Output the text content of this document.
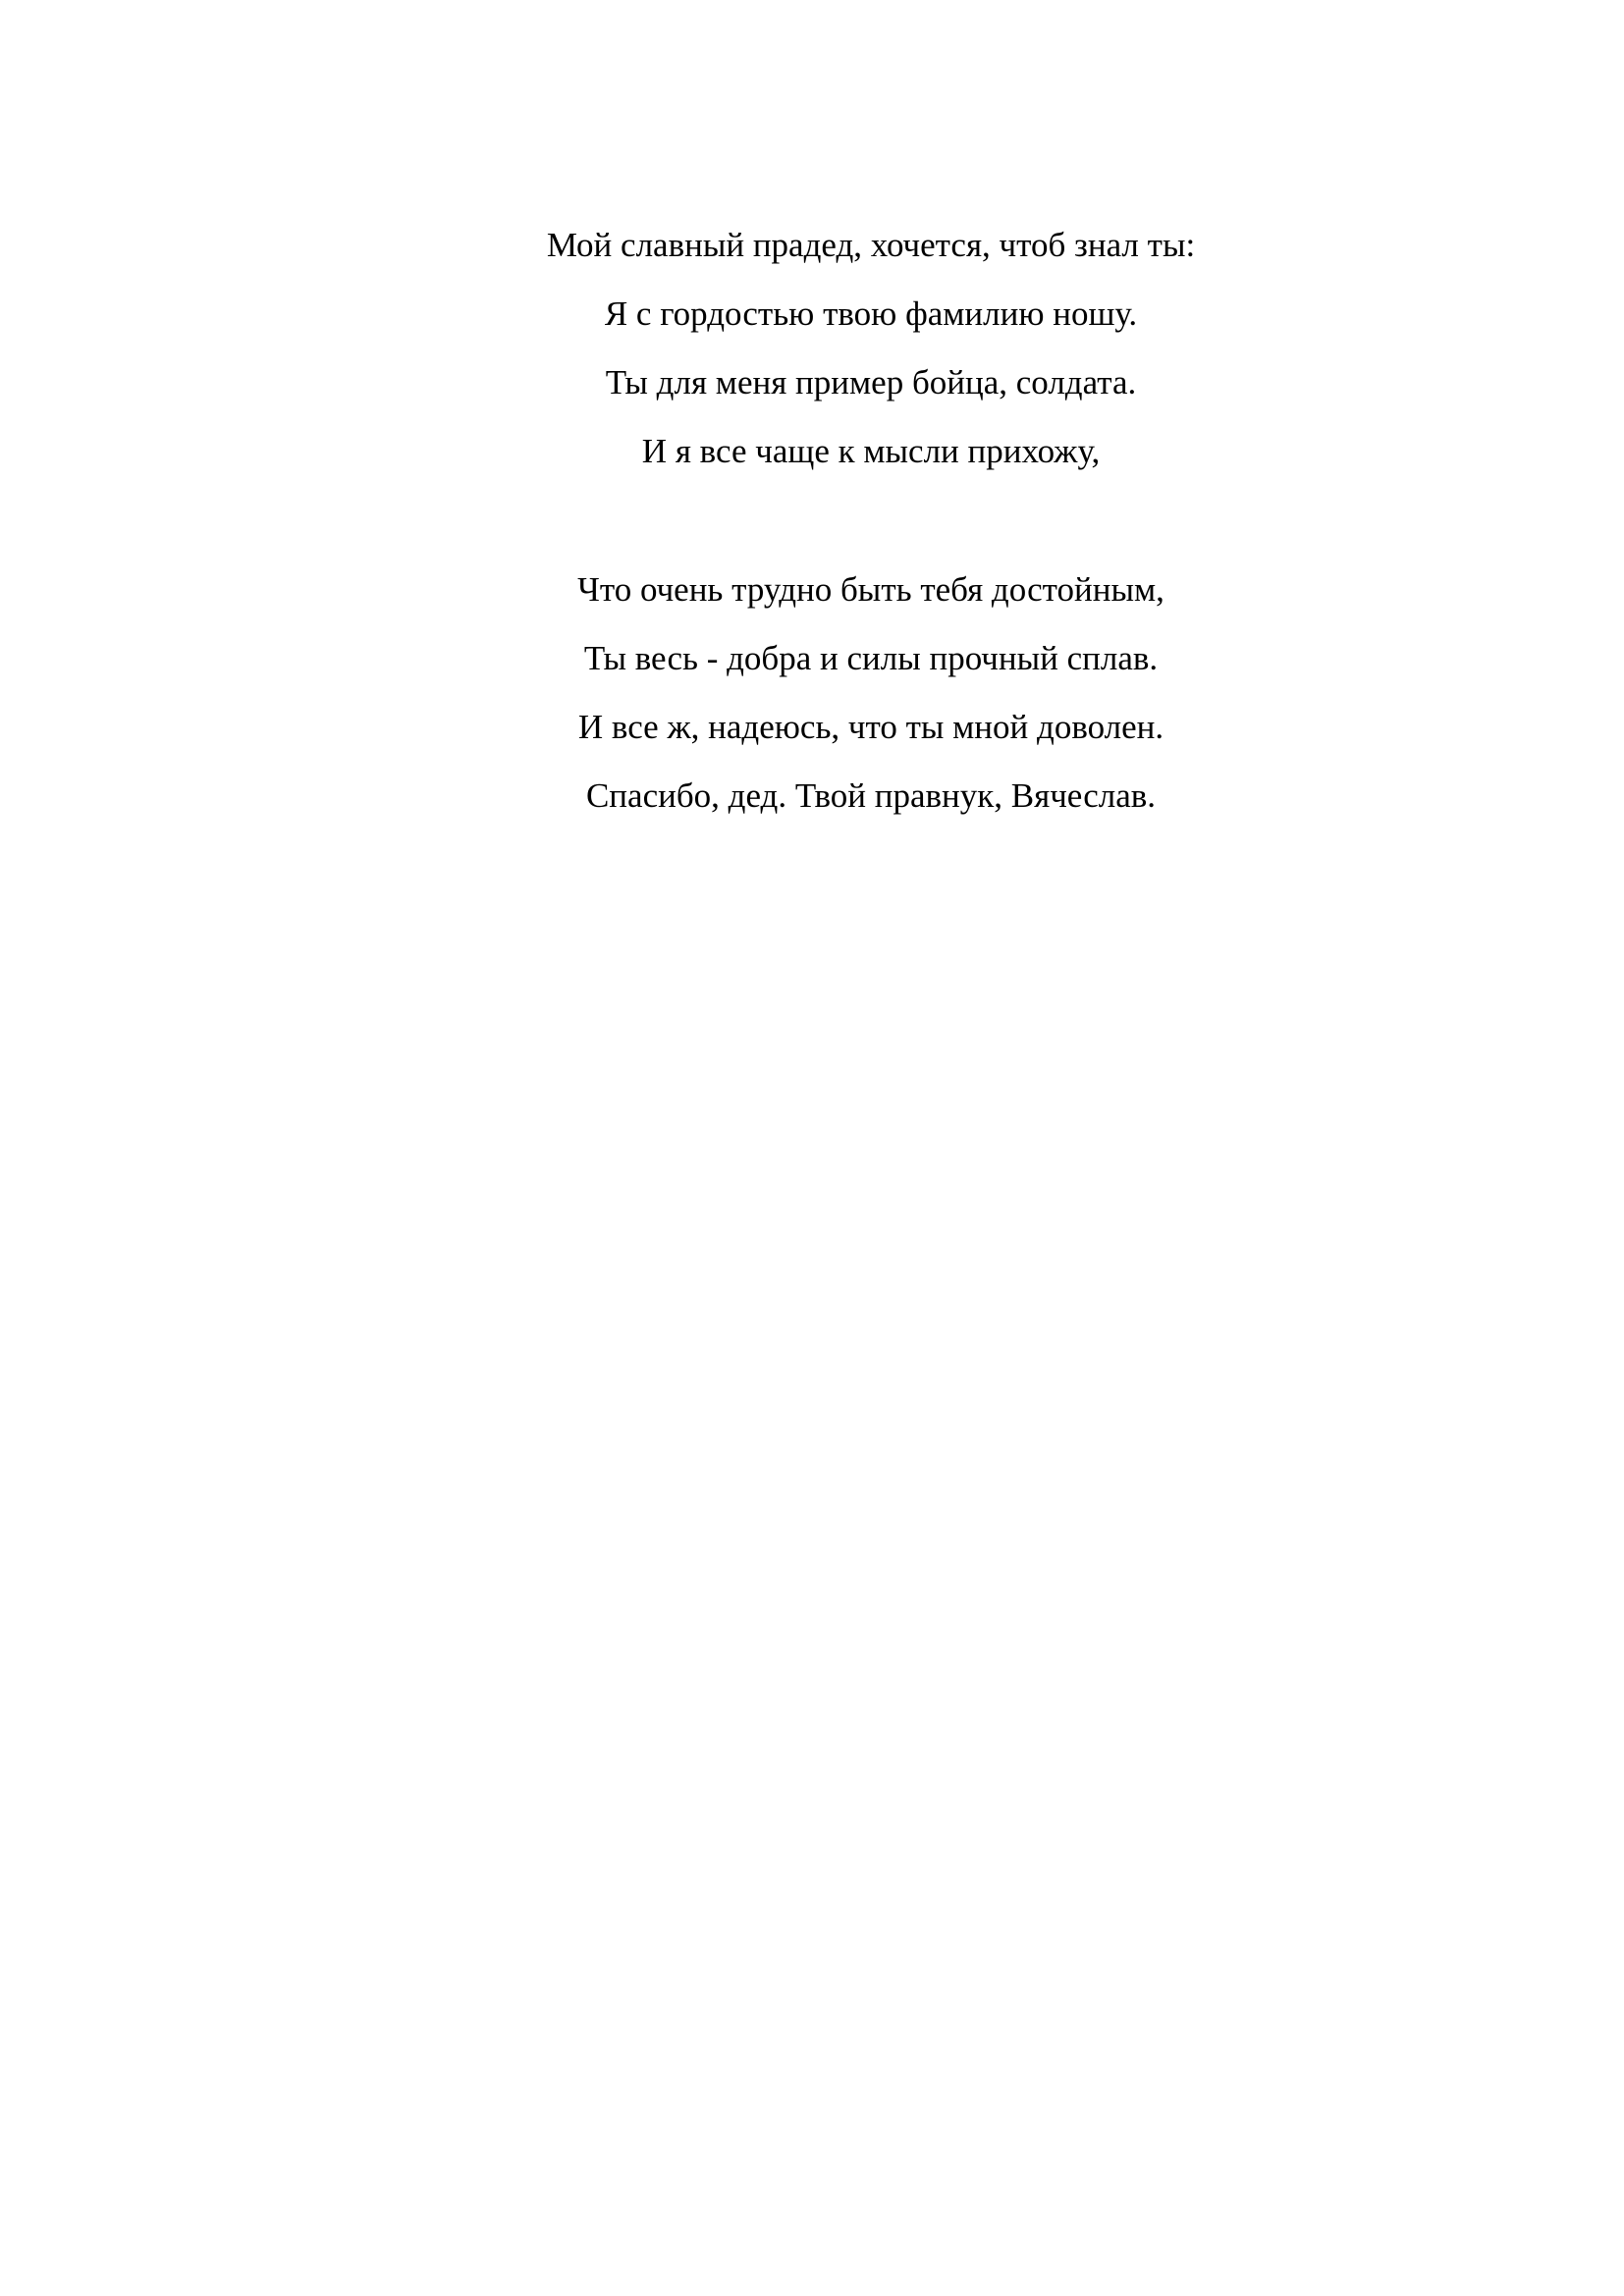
Мой славный прадед, хочется, чтоб знал ты:
Я с гордостью твою фамилию ношу.
Ты для меня пример бойца, солдата.
И я все чаще к мысли прихожу,
Что очень трудно быть тебя достойным,
Ты весь - добра и силы прочный сплав.
И все ж, надеюсь, что ты мной доволен.
Спасибо, дед. Твой правнук, Вячеслав.
